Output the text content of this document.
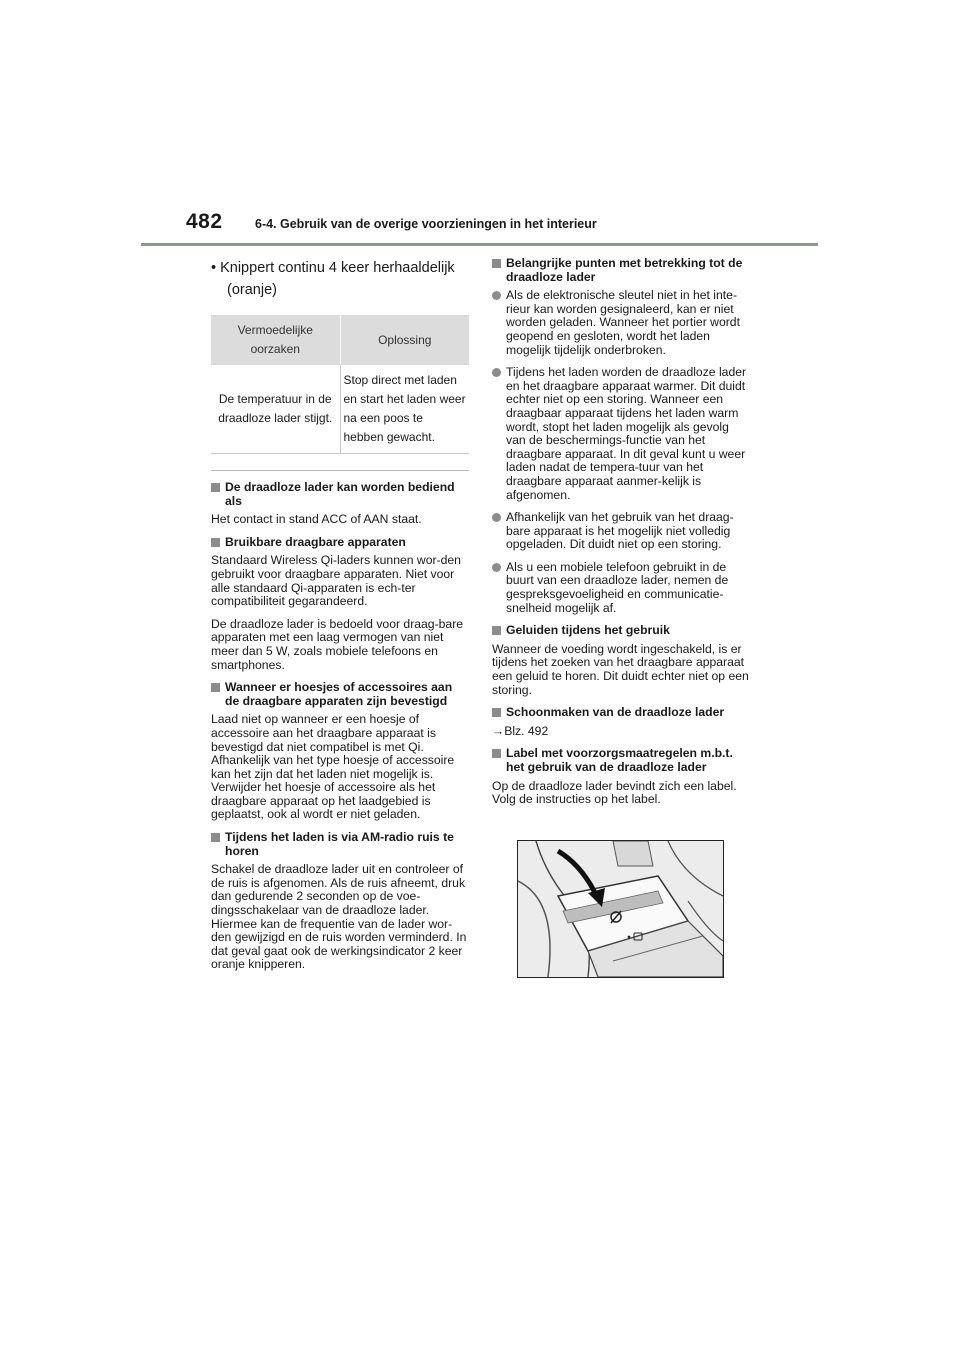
482	6-4. Gebruik van de overige voorzieningen in het interieur
• Knippert continu 4 keer herhaaldelijk (oranje)
Vermoedelijke oorzaken	Oplossing
De temperatuur in de draadloze lader stijgt.	Stop direct met laden en start het laden weer na een poos te hebben gewacht.
De draadloze lader kan worden bediend als
Het contact in stand ACC of AAN staat.
Bruikbare draagbare apparaten
Standaard Wireless Qi-laders kunnen wor-den gebruikt voor draagbare apparaten. Niet voor alle standaard Qi-apparaten is ech-ter compatibiliteit gegarandeerd.
De draadloze lader is bedoeld voor draag-bare apparaten met een laag vermogen van niet meer dan 5 W, zoals mobiele telefoons en smartphones.
Wanneer er hoesjes of accessoires aan de draagbare apparaten zijn bevestigd
Laad niet op wanneer er een hoesje of accessoire aan het draagbare apparaat is bevestigd dat niet compatibel is met Qi. Afhankelijk van het type hoesje of accessoire kan het zijn dat het laden niet mogelijk is. Verwijder het hoesje of accessoire als het draagbare apparaat op het laadgebied is geplaatst, ook al wordt er niet geladen.
Tijdens het laden is via AM-radio ruis te horen
Schakel de draadloze lader uit en controleer of de ruis is afgenomen. Als de ruis afneemt, druk dan gedurende 2 seconden op de voe-dingsschakelaar van de draadloze lader. Hiermee kan de frequentie van de lader wor-den gewijzigd en de ruis worden verminderd. In dat geval gaat ook de werkingsindicator 2 keer oranje knipperen.
Belangrijke punten met betrekking tot de draadloze lader
Als de elektronische sleutel niet in het inte-rieur kan worden gesignaleerd, kan er niet worden geladen. Wanneer het portier wordt geopend en gesloten, wordt het laden mogelijk tijdelijk onderbroken.
Tijdens het laden worden de draadloze lader en het draagbare apparaat warmer. Dit duidt echter niet op een storing. Wanneer een draagbaar apparaat tijdens het laden warm wordt, stopt het laden mogelijk als gevolg van de beschermings-functie van het draagbare apparaat. In dit geval kunt u weer laden nadat de tempera-tuur van het draagbare apparaat aanmer-kelijk is afgenomen.
Afhankelijk van het gebruik van het draag-bare apparaat is het mogelijk niet volledig opgeladen. Dit duidt niet op een storing.
Als u een mobiele telefoon gebruikt in de buurt van een draadloze lader, nemen de gespreksgevoeligheid en communicatie-snelheid mogelijk af.
Geluiden tijdens het gebruik
Wanneer de voeding wordt ingeschakeld, is er tijdens het zoeken van het draagbare apparaat een geluid te horen. Dit duidt echter niet op een storing.
Schoonmaken van de draadloze lader
→Blz. 492
Label met voorzorgsmaatregelen m.b.t. het gebruik van de draadloze lader
Op de draadloze lader bevindt zich een label. Volg de instructies op het label.
